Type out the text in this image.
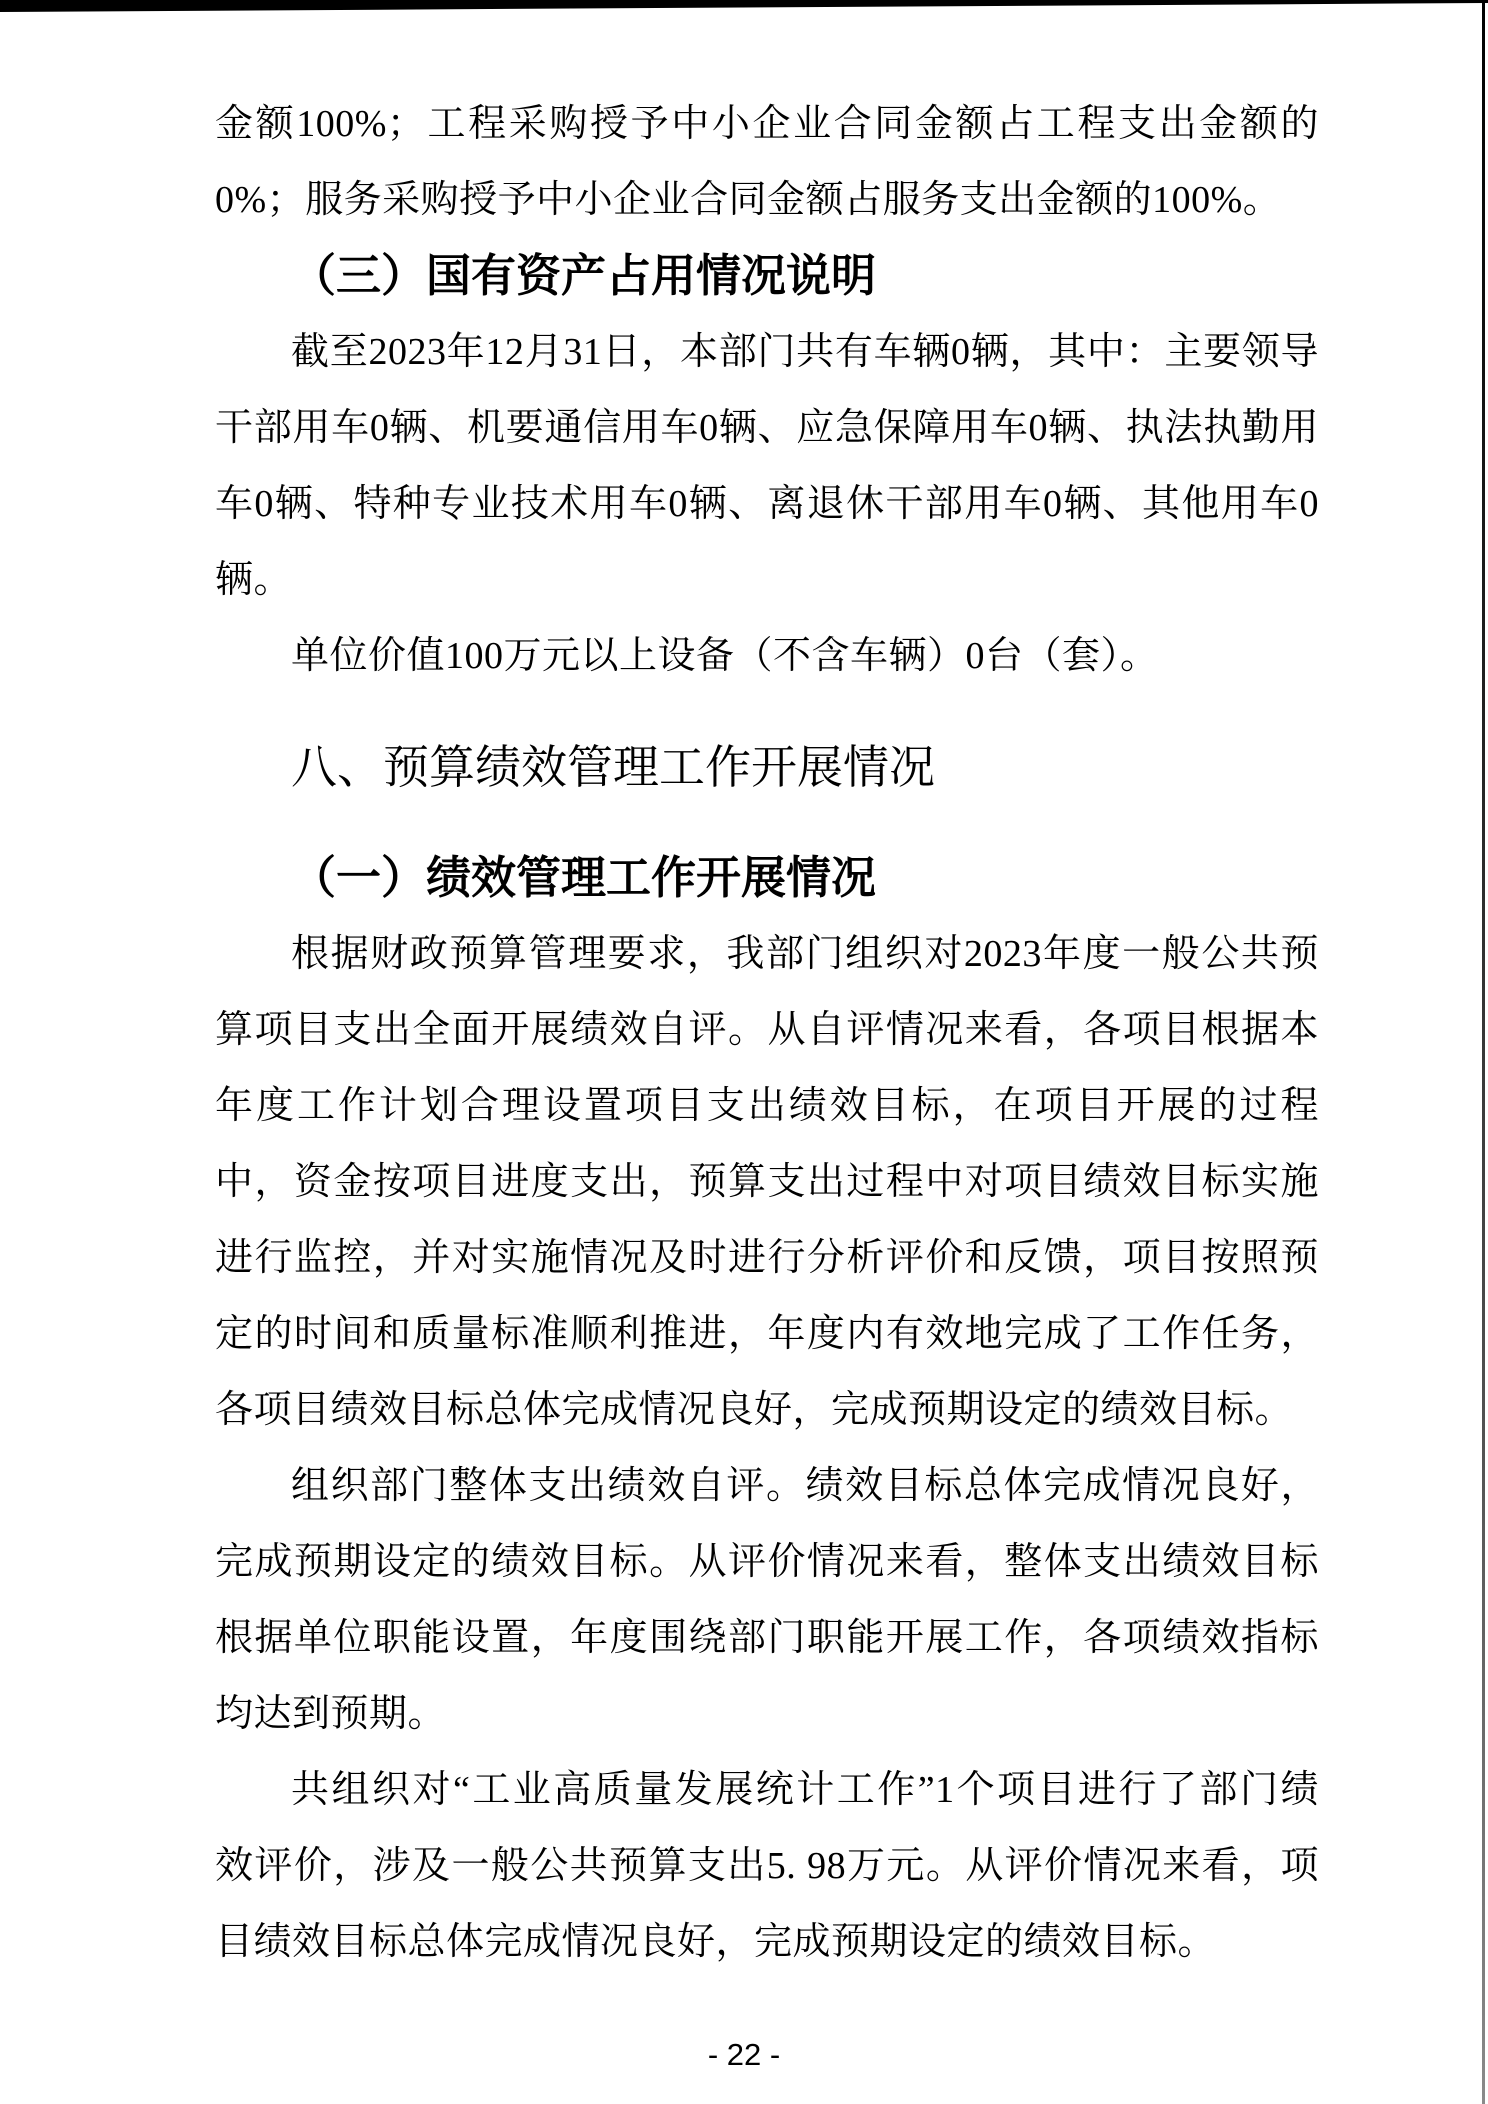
金额100%；工程采购授予中小企业合同金额占工程支出金额的
0%；服务采购授予中小企业合同金额占服务支出金额的100%。
（三）国有资产占用情况说明
截至2023年12月31日，本部门共有车辆0辆，其中：主要领导
干部用车0辆、机要通信用车0辆、应急保障用车0辆、执法执勤用
车0辆、特种专业技术用车0辆、离退休干部用车0辆、其他用车0
辆。
单位价值100万元以上设备（不含车辆）0台（套）。
八、预算绩效管理工作开展情况
（一）绩效管理工作开展情况
根据财政预算管理要求，我部门组织对2023年度一般公共预
算项目支出全面开展绩效自评。从自评情况来看，各项目根据本
年度工作计划合理设置项目支出绩效目标，在项目开展的过程
中，资金按项目进度支出，预算支出过程中对项目绩效目标实施
进行监控，并对实施情况及时进行分析评价和反馈，项目按照预
定的时间和质量标准顺利推进，年度内有效地完成了工作任务，
各项目绩效目标总体完成情况良好，完成预期设定的绩效目标。
组织部门整体支出绩效自评。绩效目标总体完成情况良好，
完成预期设定的绩效目标。从评价情况来看，整体支出绩效目标
根据单位职能设置，年度围绕部门职能开展工作，各项绩效指标
均达到预期。
共组织对“工业高质量发展统计工作”1个项目进行了部门绩
效评价，涉及一般公共预算支出5. 98万元。从评价情况来看，项
目绩效目标总体完成情况良好，完成预期设定的绩效目标。
- 22 -
